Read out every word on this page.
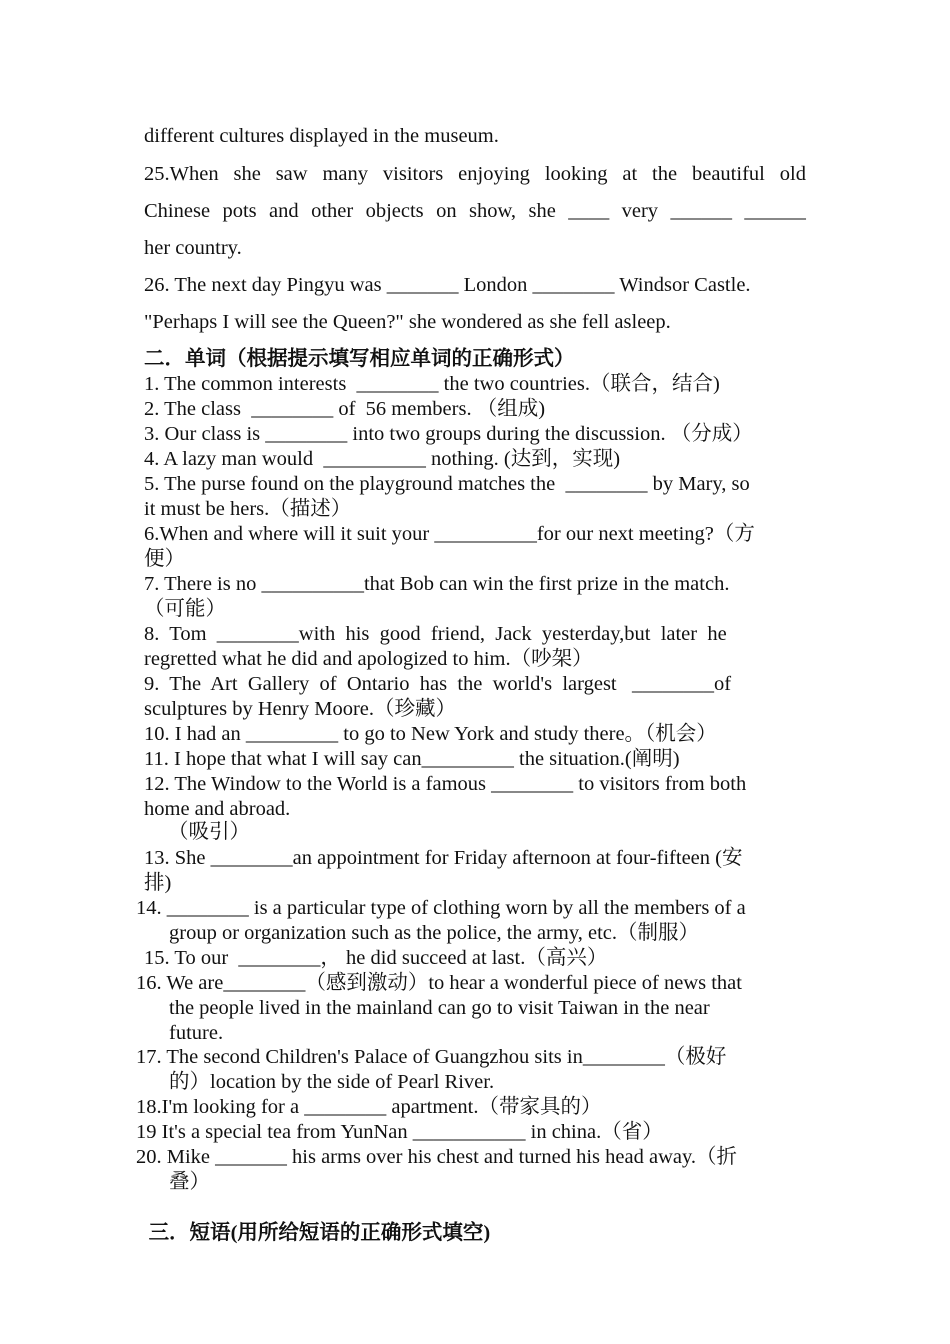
different cultures displayed in the museum.
25.When she saw many visitors enjoying looking at the beautiful old
Chinese pots and other objects on show, she ____ very ______ ______
her country.
26. The next day Pingyu was _______ London ________ Windsor Castle.
"Perhaps I will see the Queen?" she wondered as she fell asleep.
二．单词（根据提示填写相应单词的正确形式）
1. The common interests  ________ the two countries.（联合，结合)
2. The class  ________ of  56 members. （组成)
3. Our class is ________ into two groups during the discussion. （分成）
4. A lazy man would  __________ nothing. (达到，实现)
5. The purse found on the playground matches the  ________ by Mary, so
it must be hers.（描述）
6.When and where will it suit your __________for our next meeting?（方
便）
7. There is no __________that Bob can win the first prize in the match.
（可能）
8.  Tom  ________with  his  good  friend,  Jack  yesterday,but  later  he
regretted what he did and apologized to him.（吵架）
9.  The  Art  Gallery  of  Ontario  has  the  world's  largest   ________of
sculptures by Henry Moore.（珍藏）
10. I had an _________ to go to New York and study there。（机会）
11. I hope that what I will say can_________ the situation.(阐明)
12. The Window to the World is a famous ________ to visitors from both
home and abroad.
（吸引）
13. She ________an appointment for Friday afternoon at four-fifteen (安
排)
14. ________ is a particular type of clothing worn by all the members of a
group or organization such as the police, the army, etc.（制服）
15. To our  ________， he did succeed at last.（高兴）
16. We are________（感到激动）to hear a wonderful piece of news that
the people lived in the mainland can go to visit Taiwan in the near
future.
17. The second Children's Palace of Guangzhou sits in________（极好
的）location by the side of Pearl River.
18.I'm looking for a ________ apartment.（带家具的）
19 It's a special tea from YunNan ___________ in china.（省）
20. Mike _______ his arms over his chest and turned his head away.（折
叠）

三．短语(用所给短语的正确形式填空)
